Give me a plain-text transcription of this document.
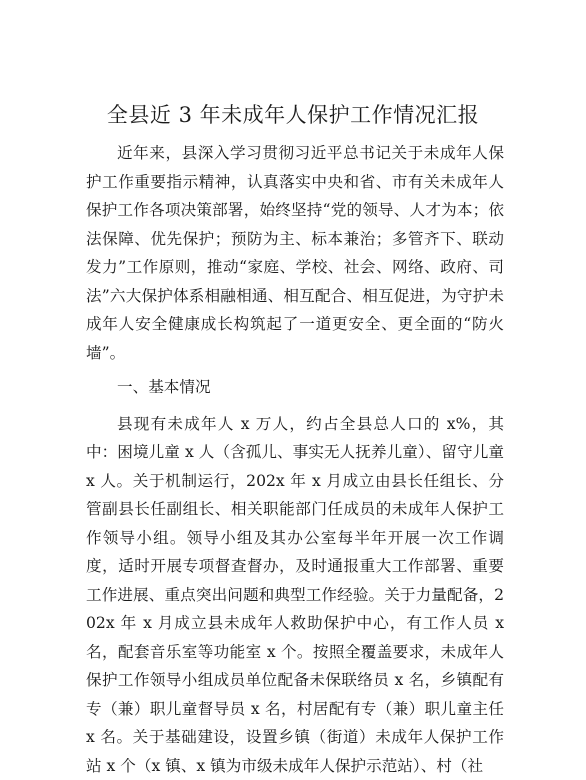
全县近 3 年未成年人保护工作情况汇报

近年来，县深入学习贯彻习近平总书记关于未成年人保护工作重要指示精神，认真落实中央和省、市有关未成年人保护工作各项决策部署，始终坚持“党的领导、人才为本；依法保障、优先保护；预防为主、标本兼治；多管齐下、联动发力”工作原则，推动“家庭、学校、社会、网络、政府、司法”六大保护体系相融相通、相互配合、相互促进，为守护未成年人安全健康成长构筑起了一道更安全、更全面的“防火墙”。

一、基本情况

县现有未成年人 x 万人，约占全县总人口的 x%，其中：困境儿童 x 人（含孤儿、事实无人抚养儿童）、留守儿童 x 人。关于机制运行，202x 年 x 月成立由县长任组长、分管副县长任副组长、相关职能部门任成员的未成年人保护工作领导小组。领导小组及其办公室每半年开展一次工作调度，适时开展专项督查督办，及时通报重大工作部署、重要工作进展、重点突出问题和典型工作经验。关于力量配备，202x 年 x 月成立县未成年人救助保护中心，有工作人员 x 名，配套音乐室等功能室 x 个。按照全覆盖要求，未成年人保护工作领导小组成员单位配备未保联络员 x 名，乡镇配有专（兼）职儿童督导员 x 名，村居配有专（兼）职儿童主任 x 名。关于基础建设，设置乡镇（街道）未成年人保护工作站 x 个（x 镇、x 镇为市级未成年人保护示范站）、村（社
